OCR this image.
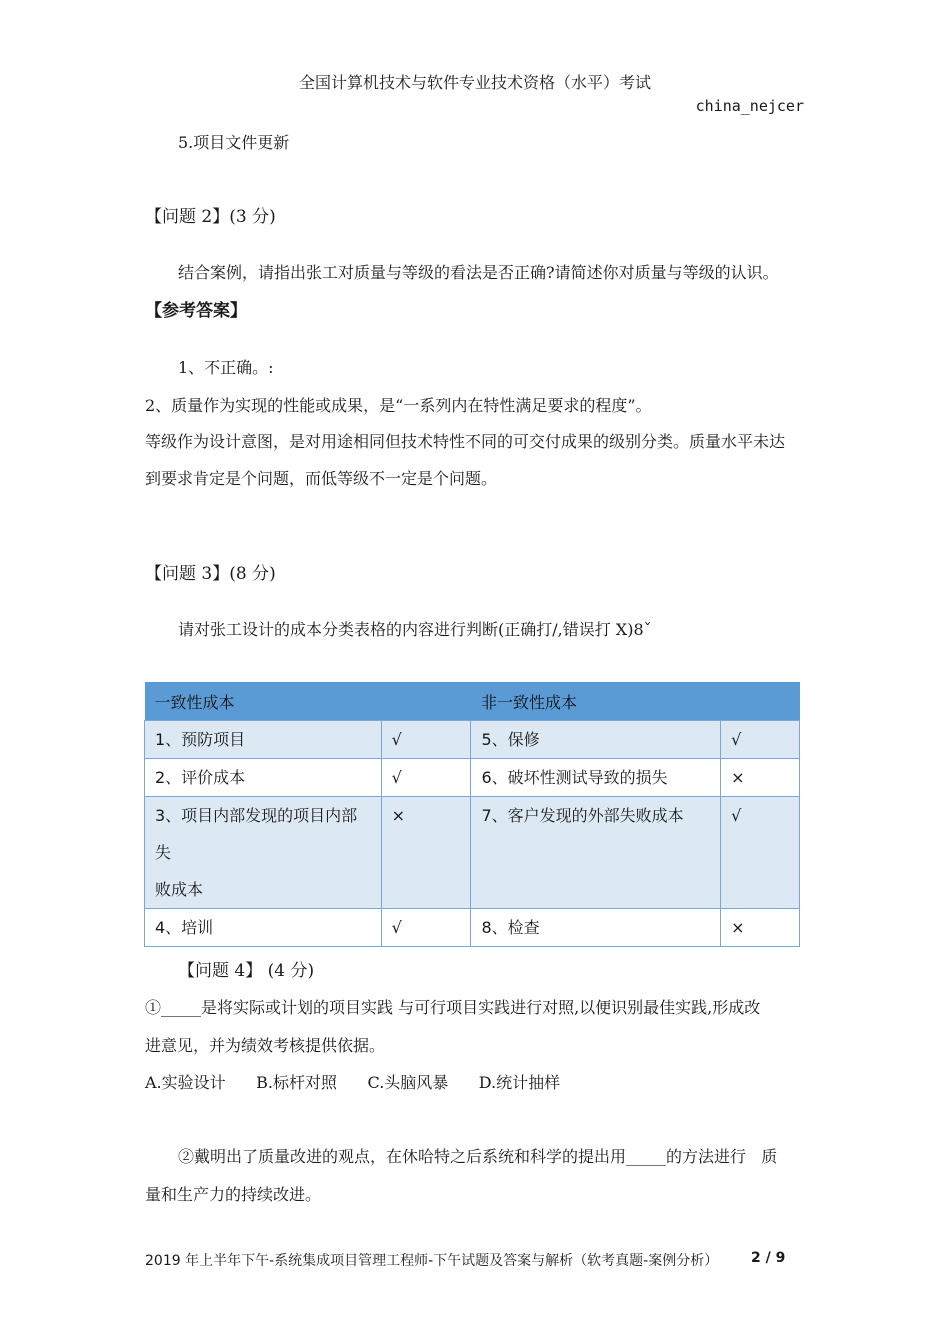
全国计算机技术与软件专业技术资格（水平）考试
china_nejcer
5.项目文件更新
【问题 2】(3 分)
结合案例，请指出张工对质量与等级的看法是否正确?请简述你对质量与等级的认识。
【参考答案】
1、不正确。:
2、质量作为实现的性能或成果，是“一系列内在特性满足要求的程度”。
等级作为设计意图，是对用途相同但技术特性不同的可交付成果的级别分类。质量水平未达
到要求肯定是个问题，而低等级不一定是个问题。
【问题 3】(8 分)
请对张工设计的成本分类表格的内容进行判断(正确打/,错误打 X)8ˇ
一致性成本		非一致性成本	
1、预防项目	√	5、保修	√
2、评价成本	√	6、破坏性测试导致的损失	×

3、项目内部发现的项目内部失
败成本	×	7、客户发现的外部失败成本	√
4、培训	√	8、检查	×
【问题 4】 (4 分)
①_____是将实际或计划的项目实践 与可行项目实践进行对照,以便识别最佳实践,形成改
进意见，并为绩效考核提供依据。
A.实验设计      B.标杆对照      C.头脑风暴      D.统计抽样
②戴明出了质量改进的观点，在休哈特之后系统和科学的提出用_____的方法进行   质
量和生产力的持续改进。
2019 年上半年下午-系统集成项目管理工程师-下午试题及答案与解析（软考真题-案例分析） 2 / 9
